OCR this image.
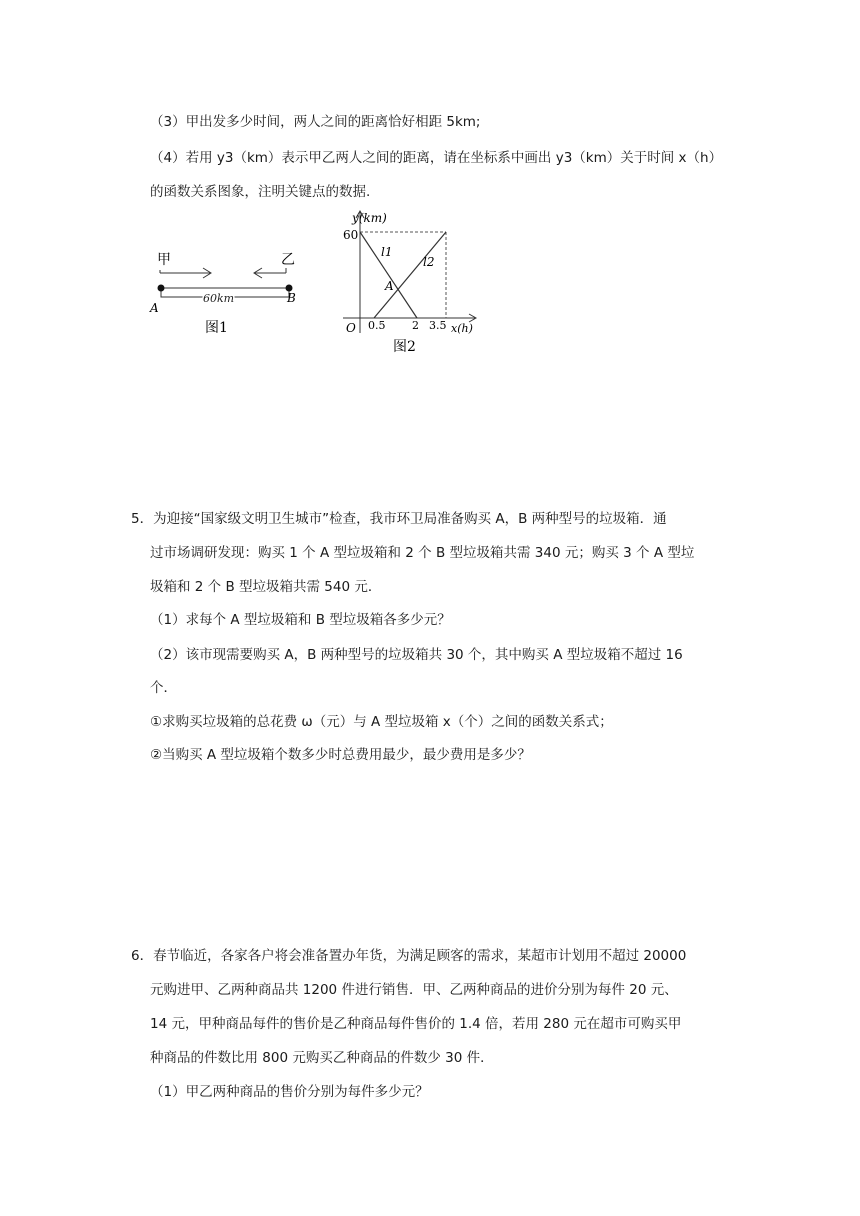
（3）甲出发多少时间，两人之间的距离恰好相距 5km;
（4）若用 y3（km）表示甲乙两人之间的距离，请在坐标系中画出 y3（km）关于时间 x（h）
的函数关系图象，注明关键点的数据.
甲	乙
60km
A
B
图1
y(km)
60
l1
l2
A
O 0.5 2 3.5 x(h)
图2
5．为迎接“国家级文明卫生城市”检查，我市环卫局准备购买 A，B 两种型号的垃圾箱．通
过市场调研发现：购买 1 个 A 型垃圾箱和 2 个 B 型垃圾箱共需 340 元；购买 3 个 A 型垃
圾箱和 2 个 B 型垃圾箱共需 540 元．
（1）求每个 A 型垃圾箱和 B 型垃圾箱各多少元？
（2）该市现需要购买 A，B 两种型号的垃圾箱共 30 个，其中购买 A 型垃圾箱不超过 16
个．
①求购买垃圾箱的总花费 ω（元）与 A 型垃圾箱 x（个）之间的函数关系式；
②当购买 A 型垃圾箱个数多少时总费用最少，最少费用是多少？
6．春节临近，各家各户将会准备置办年货，为满足顾客的需求，某超市计划用不超过 20000
元购进甲、乙两种商品共 1200 件进行销售．甲、乙两种商品的进价分别为每件 20 元、
14 元，甲种商品每件的售价是乙种商品每件售价的 1.4 倍，若用 280 元在超市可购买甲
种商品的件数比用 800 元购买乙种商品的件数少 30 件．
（1）甲乙两种商品的售价分别为每件多少元？
